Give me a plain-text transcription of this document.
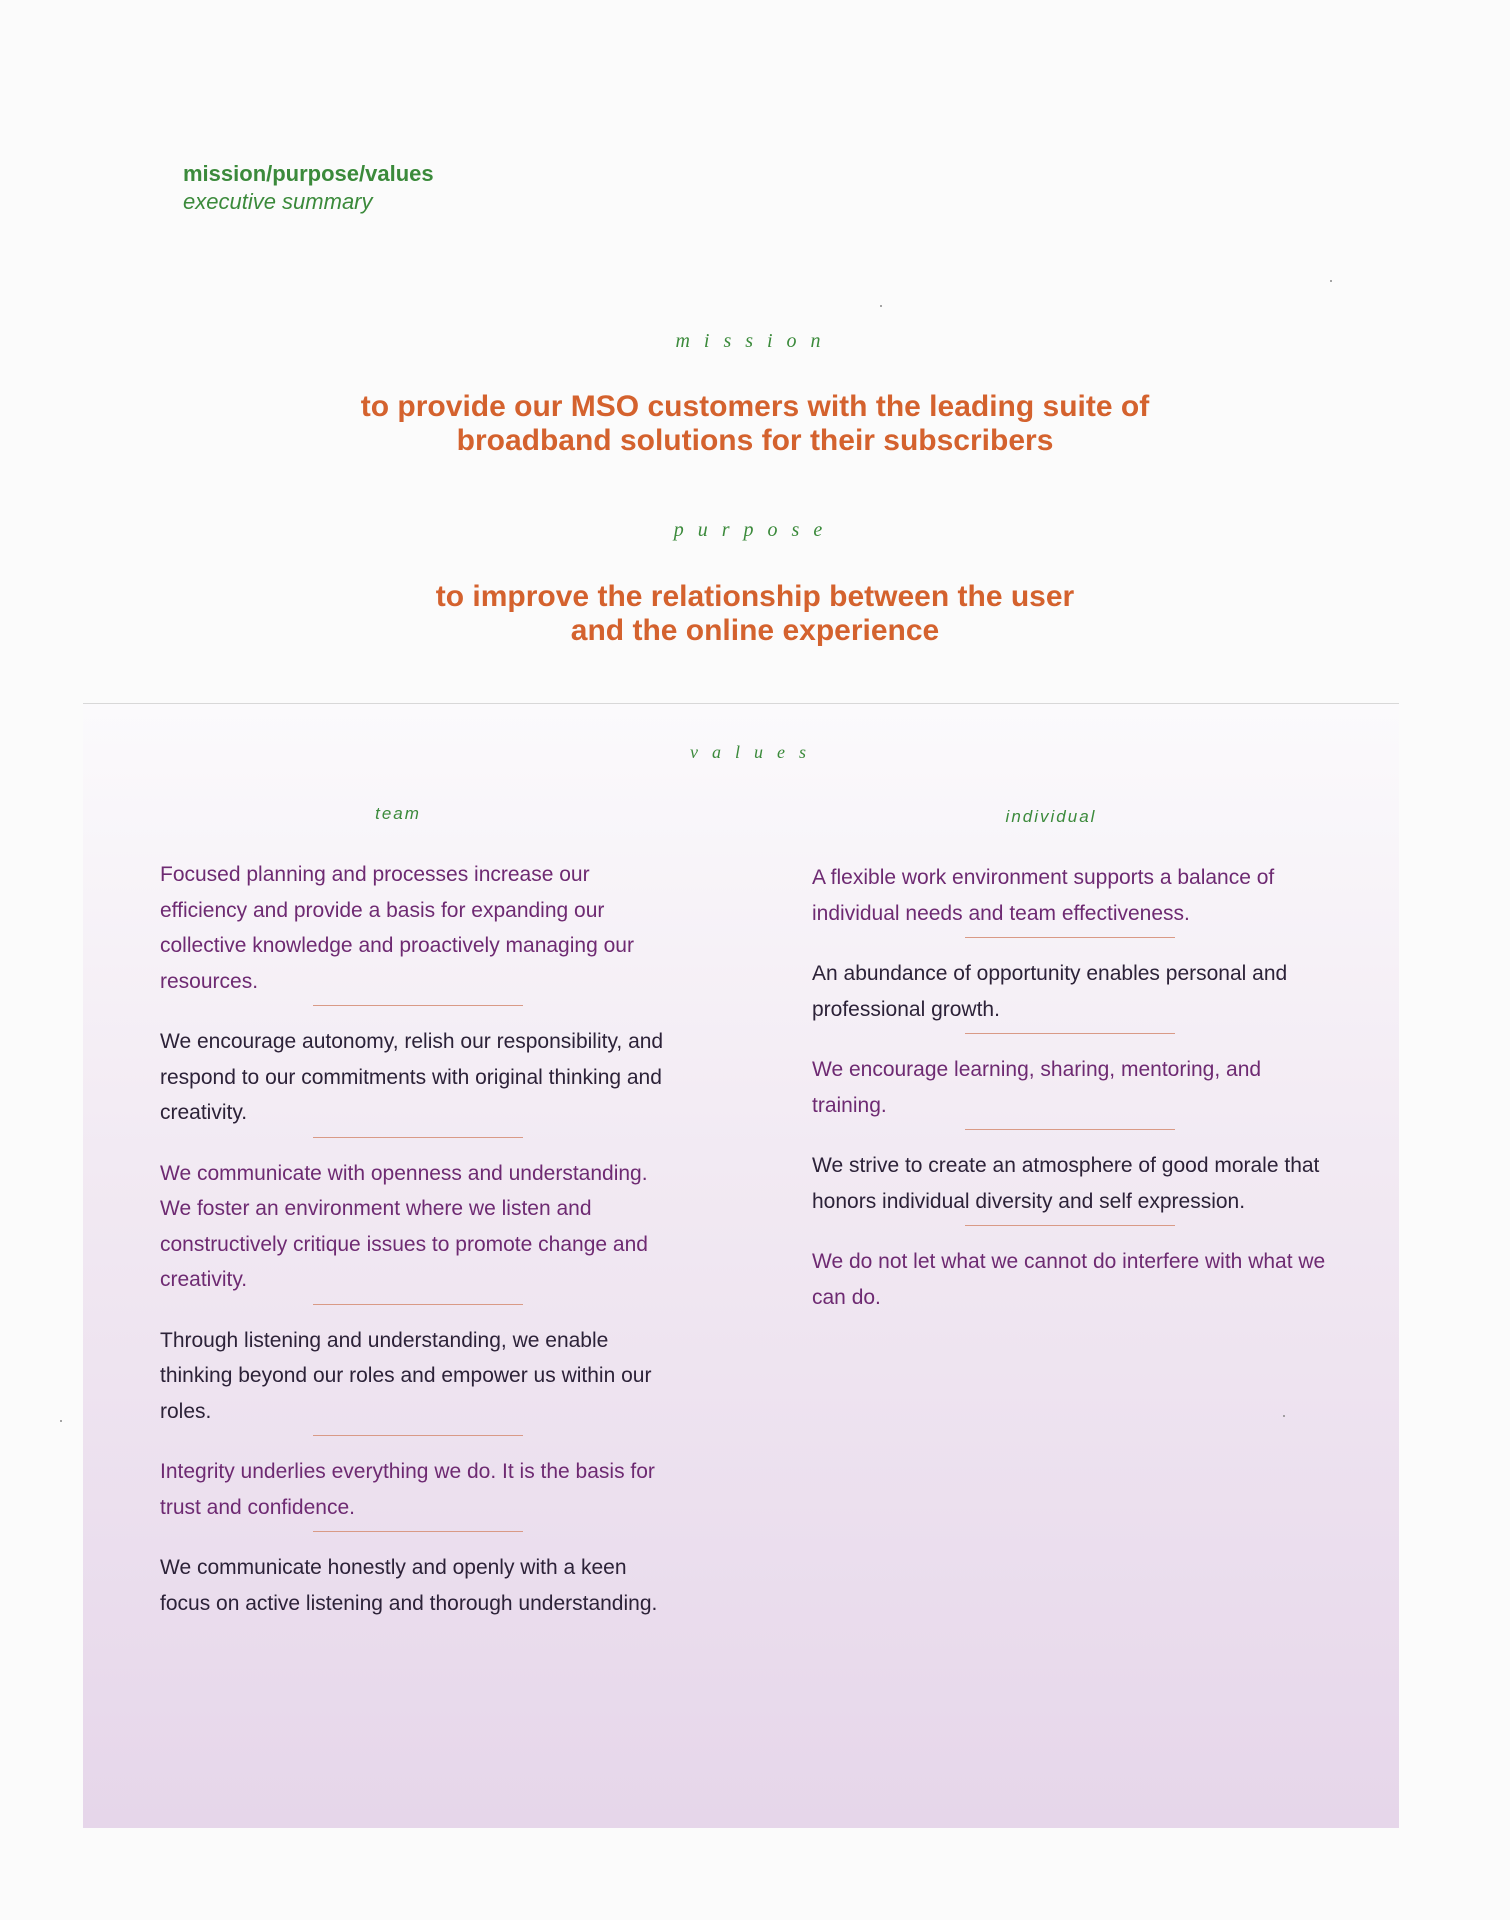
mission/purpose/values
executive summary
mission
to provide our MSO customers with the leading suite of
broadband solutions for their subscribers
purpose
to improve the relationship between the user
and the online experience
values
team	individual

Focused planning and processes increase our efficiency and provide a basis for expanding our collective knowledge and proactively managing our resources.

We encourage autonomy, relish our responsibility, and respond to our commitments with original thinking and creativity.

We communicate with openness and understanding. We foster an environment where we listen and constructively critique issues to promote change and creativity.

Through listening and understanding, we enable thinking beyond our roles and empower us within our roles.

Integrity underlies everything we do. It is the basis for trust and confidence.

We communicate honestly and openly with a keen focus on active listening and thorough understanding.

A flexible work environment supports a balance of individual needs and team effectiveness.

An abundance of opportunity enables personal and professional growth.

We encourage learning, sharing, mentoring, and training.

We strive to create an atmosphere of good morale that honors individual diversity and self expression.

We do not let what we cannot do interfere with what we can do.
